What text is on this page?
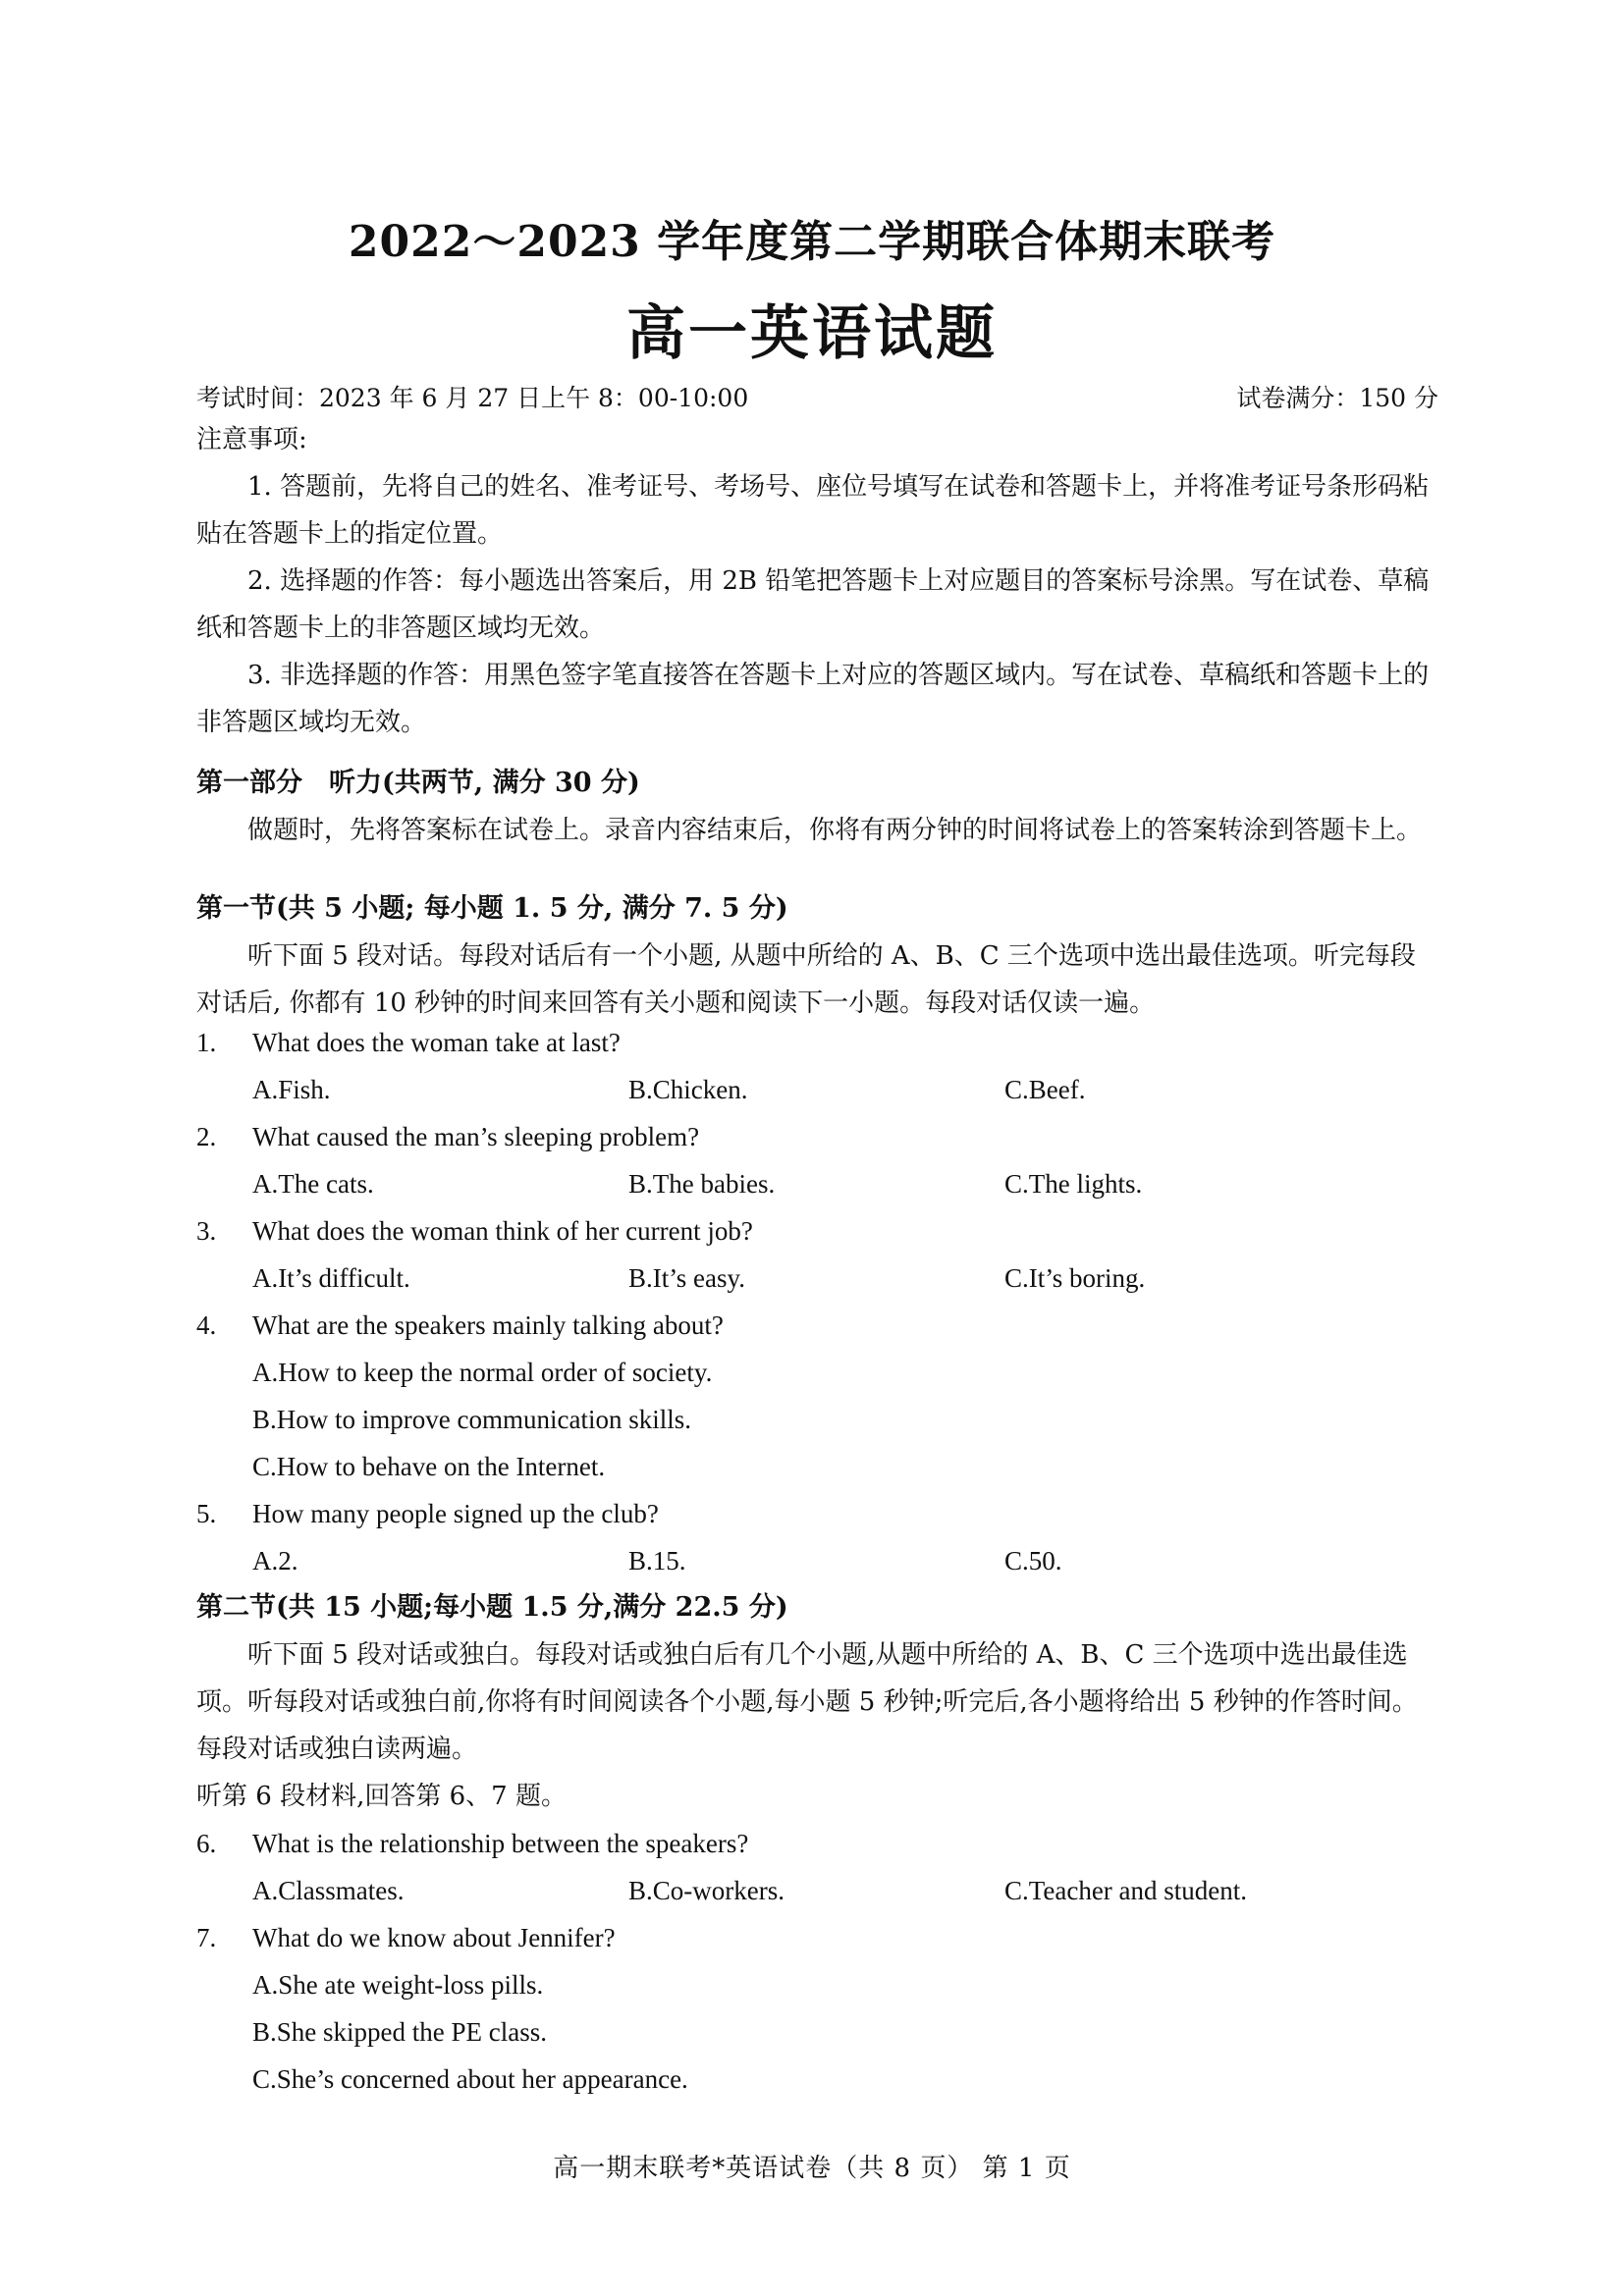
2022～2023 学年度第二学期联合体期末联考
高一英语试题
考试时间：2023 年 6 月 27 日上午 8：00-10:00	试卷满分：150 分
注意事项:
1. 答题前，先将自己的姓名、准考证号、考场号、座位号填写在试卷和答题卡上，并将准考证号条形码粘贴在答题卡上的指定位置。
2. 选择题的作答：每小题选出答案后，用 2B 铅笔把答题卡上对应题目的答案标号涂黑。写在试卷、草稿纸和答题卡上的非答题区域均无效。
3. 非选择题的作答：用黑色签字笔直接答在答题卡上对应的答题区域内。写在试卷、草稿纸和答题卡上的非答题区域均无效。
第一部分　听力(共两节, 满分 30 分)
做题时，先将答案标在试卷上。录音内容结束后，你将有两分钟的时间将试卷上的答案转涂到答题卡上。
第一节(共 5 小题; 每小题 1. 5 分, 满分 7. 5 分)
听下面 5 段对话。每段对话后有一个小题, 从题中所给的 A、B、C 三个选项中选出最佳选项。听完每段对话后, 你都有 10 秒钟的时间来回答有关小题和阅读下一小题。每段对话仅读一遍。
1. What does the woman take at last?
A.Fish.	B.Chicken.	C.Beef.
2. What caused the man’s sleeping problem?
A.The cats.	B.The babies.	C.The lights.
3. What does the woman think of her current job?
A.It’s difficult.	B.It’s easy.	C.It’s boring.
4. What are the speakers mainly talking about?
A.How to keep the normal order of society.
B.How to improve communication skills.
C.How to behave on the Internet.
5. How many people signed up the club?
A.2.	B.15.	C.50.
第二节(共 15 小题;每小题 1.5 分,满分 22.5 分)
听下面 5 段对话或独白。每段对话或独白后有几个小题,从题中所给的 A、B、C 三个选项中选出最佳选项。听每段对话或独白前,你将有时间阅读各个小题,每小题 5 秒钟;听完后,各小题将给出 5 秒钟的作答时间。每段对话或独白读两遍。
听第 6 段材料,回答第 6、7 题。
6. What is the relationship between the speakers?
A.Classmates.	B.Co-workers.	C.Teacher and student.
7. What do we know about Jennifer?
A.She ate weight-loss pills.
B.She skipped the PE class.
C.She’s concerned about her appearance.
高一期末联考*英语试卷（共 8 页） 第 1 页
